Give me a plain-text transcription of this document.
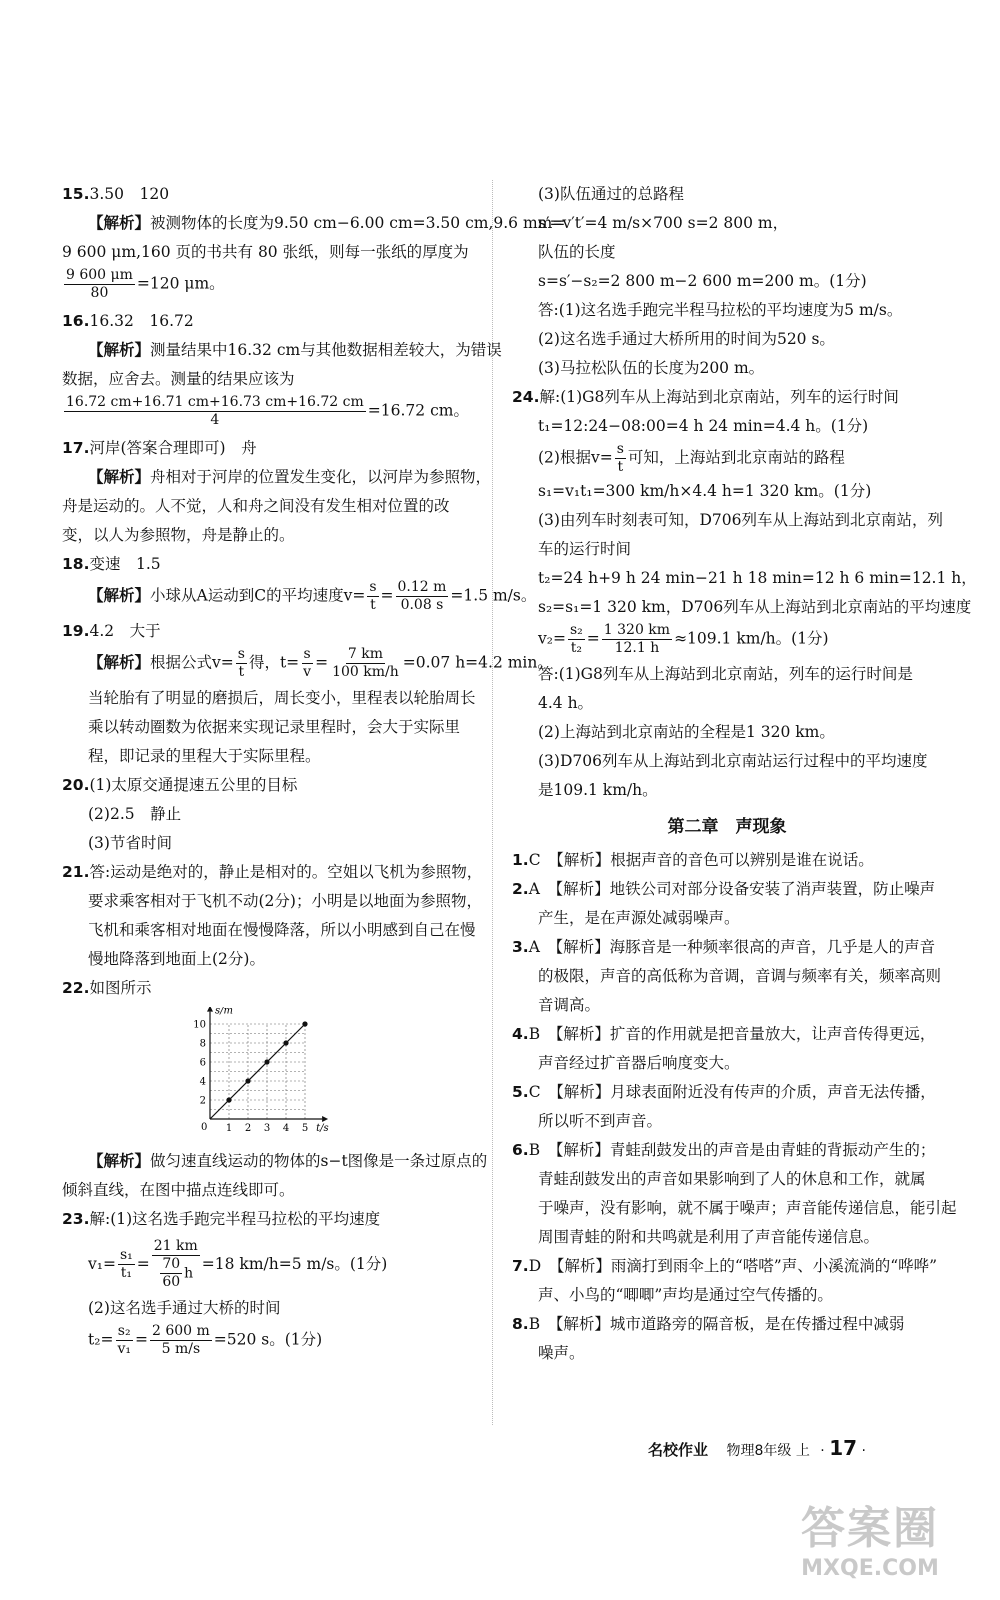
15.3.50　120
【解析】被测物体的长度为9.50 cm−6.00 cm=3.50 cm,9.6 mm=
9 600 μm,160 页的书共有 80 张纸，则每一张纸的厚度为
$\frac{9 600 \mu m}{80} =120$ μm。
16.16.32　16.72
【解析】测量结果中16.32 cm与其他数据相差较大，为错误
数据，应舍去。测量的结果应该为
$\frac{16.72 cm+16.71 cm+16.73 cm+16.72 cm}{4} =16.72$ cm。
17.河岸(答案合理即可)　舟
【解析】舟相对于河岸的位置发生变化，以河岸为参照物，
舟是运动的。人不觉，人和舟之间没有发生相对位置的改
变，以人为参照物，舟是静止的。
18.变速　1.5
【解析】小球从A运动到C的平均速度$v= \frac{s}{t} = \frac{0.12 m}{0.08 s} =1.5$ m/s。
19.4.2　大于
【解析】根据公式$v= \frac{s}{t}$ 得，$t= \frac{s}{v} = \frac{7 km}{100 km/h} =0.07$ h=4.2 min。
当轮胎有了明显的磨损后，周长变小，里程表以轮胎周长
乘以转动圈数为依据来实现记录里程时，会大于实际里
程，即记录的里程大于实际里程。
20.(1)太原交通提速五公里的目标
(2)2.5　静止
(3)节省时间
21.答:运动是绝对的，静止是相对的。空姐以飞机为参照物，
要求乘客相对于飞机不动(2分)；小明是以地面为参照物，
飞机和乘客相对地面在慢慢降落，所以小明感到自己在慢
慢地降落到地面上(2分)。
22.如图所示
2
4
6
8
10
1 2 3 4 5
s/m
t/s
0
【解析】做匀速直线运动的物体的s−t图像是一条过原点的
倾斜直线，在图中描点连线即可。
23.解:(1)这名选手跑完半程马拉松的平均速度
$v_1= \frac{\text{s₁}}{\text{t₁}} = \frac{21 km}{\frac{70}{60} h} =18$ km/h=5 m/s。(1分)
(2)这名选手通过大桥的时间
$t_2= \frac{\text{s₂}}{\text{v₁}} = \frac{2 600 m}{5 m/s} =520$ s。(1分)
(3)队伍通过的总路程
s′=v′t′=4 m/s×700 s=2 800 m，
队伍的长度
s=s′−s₂=2 800 m−2 600 m=200 m。(1分)
答:(1)这名选手跑完半程马拉松的平均速度为5 m/s。
(2)这名选手通过大桥所用的时间为520 s。
(3)马拉松队伍的长度为200 m。
24.解:(1)G8列车从上海站到北京南站，列车的运行时间
t₁=12:24−08:00=4 h 24 min=4.4 h。(1分)
(2)根据$v= \frac{s}{t}$ 可知，上海站到北京南站的路程
s₁=v₁t₁=300 km/h×4.4 h=1 320 km。(1分)
(3)由列车时刻表可知，D706列车从上海站到北京南站，列
车的运行时间
t₂=24 h+9 h 24 min−21 h 18 min=12 h 6 min=12.1 h，
s₂=s₁=1 320 km，D706列车从上海站到北京南站的平均速度
$v_2= \frac{\text{s₂}}{\text{t₂}} = \frac{1 320 km}{12.1 h} \approx 109.1$ km/h。(1分)
答:(1)G8列车从上海站到北京南站，列车的运行时间是
4.4 h。
(2)上海站到北京南站的全程是1 320 km。
(3)D706列车从上海站到北京南站运行过程中的平均速度
是109.1 km/h。
第二章　声现象
1.C　【解析】根据声音的音色可以辨别是谁在说话。
2.A　【解析】地铁公司对部分设备安装了消声装置，防止噪声
产生，是在声源处减弱噪声。
3.A　【解析】海豚音是一种频率很高的声音，几乎是人的声音
的极限，声音的高低称为音调，音调与频率有关，频率高则
音调高。
4.B　【解析】扩音的作用就是把音量放大，让声音传得更远，
声音经过扩音器后响度变大。
5.C　【解析】月球表面附近没有传声的介质，声音无法传播，
所以听不到声音。
6.B　【解析】青蛙刮鼓发出的声音是由青蛙的背振动产生的；
青蛙刮鼓发出的声音如果影响到了人的休息和工作，就属
于噪声，没有影响，就不属于噪声；声音能传递信息，能引起
周围青蛙的附和共鸣就是利用了声音能传递信息。
7.D　【解析】雨滴打到雨伞上的“嗒嗒”声、小溪流淌的“哗哗”
声、小鸟的“唧唧”声均是通过空气传播的。
8.B　【解析】城市道路旁的隔音板，是在传播过程中减弱
噪声。
名校作业 物理8年级 上 · 17 ·
答案圈
MXQE.COM
